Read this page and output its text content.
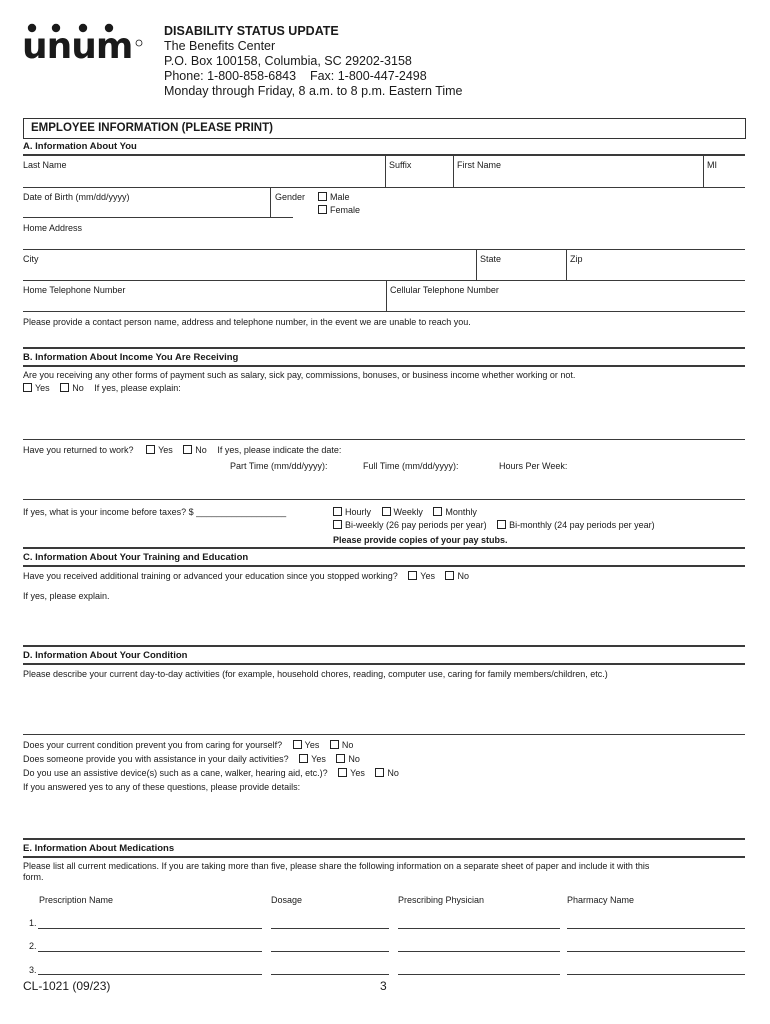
unum	DISABILITY STATUS UPDATE
The Benefits Center
P.O. Box 100158, Columbia, SC 29202-3158
Phone: 1-800-858-6843    Fax: 1-800-447-2498
Monday through Friday, 8 a.m. to 8 p.m. Eastern Time
EMPLOYEE INFORMATION (PLEASE PRINT)
A. Information About You
Last Name	Suffix	First Name	MI
Date of Birth (mm/dd/yyyy)	Gender	Male
Female
Home Address
City	State	Zip
Home Telephone Number	Cellular Telephone Number
Please provide a contact person name, address and telephone number, in the event we are unable to reach you.
B. Information About Income You Are Receiving
Are you receiving any other forms of payment such as salary, sick pay, commissions, bonuses, or business income whether working or not.
Yes	No If yes, please explain:
Have you returned to work?	Yes	No If yes, please indicate the date:
Part Time (mm/dd/yyyy):	Full Time (mm/dd/yyyy):	Hours Per Week:
If yes, what is your income before taxes? $ __________________	Hourly	Weekly	Monthly
Bi-weekly (26 pay periods per year)	Bi-monthly (24 pay periods per year)
Please provide copies of your pay stubs.
C. Information About Your Training and Education
Have you received additional training or advanced your education since you stopped working?	Yes	No
If yes, please explain.
D. Information About Your Condition
Please describe your current day-to-day activities (for example, household chores, reading, computer use, caring for family members/children, etc.)
Does your current condition prevent you from caring for yourself?	Yes	No
Does someone provide you with assistance in your daily activities?	Yes	No
Do you use an assistive device(s) such as a cane, walker, hearing aid, etc.)?	Yes	No
If you answered yes to any of these questions, please provide details:
E. Information About Medications
Please list all current medications. If you are taking more than five, please share the following information on a separate sheet of paper and include it with this
form.
Prescription Name	Dosage	Prescribing Physician	Pharmacy Name
1.
2.
3.
CL-1021 (09/23)	3
